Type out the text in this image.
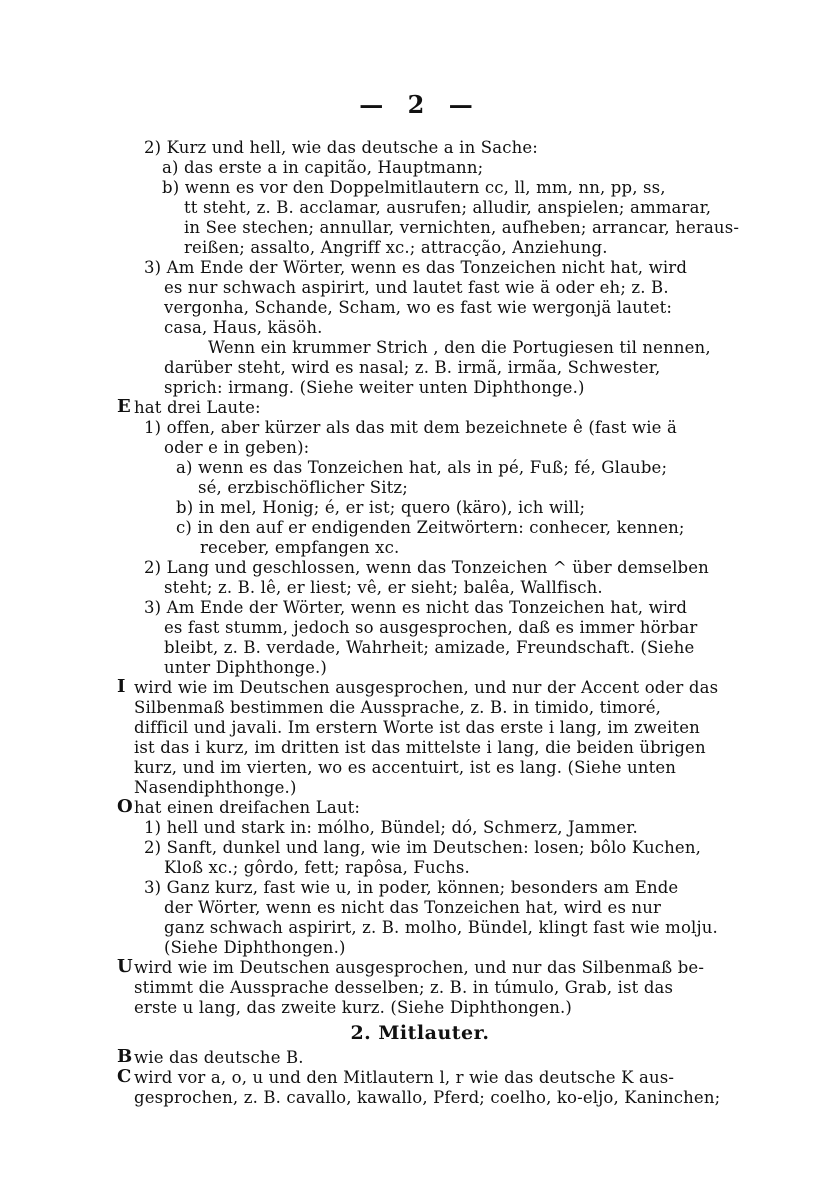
— 2 —
2) Kurz und hell, wie das deutsche a in Sache:
a) das erste a in capitão, Hauptmann;
b) wenn es vor den Doppelmitlautern cc, ll, mm, nn, pp, ss,
tt steht, z. B. acclamar, ausrufen; alludir, anspielen; ammarar,
in See stechen; annullar, vernichten, aufheben; arrancar, heraus-
reißen; assalto, Angriff xc.; attracção, Anziehung.
3) Am Ende der Wörter, wenn es das Tonzeichen nicht hat, wird
es nur schwach aspirirt, und lautet fast wie ä oder eh; z. B.
vergonha, Schande, Scham, wo es fast wie wergonjä lautet:
casa, Haus, käsöh.
Wenn ein krummer Strich , den die Portugiesen til nennen,
darüber steht, wird es nasal; z. B. irmã, irmãa, Schwester,
sprich: irmang. (Siehe weiter unten Diphthonge.)
E hat drei Laute:
1) offen, aber kürzer als das mit dem bezeichnete ê (fast wie ä
oder e in geben):
a) wenn es das Tonzeichen hat, als in pé, Fuß; fé, Glaube;
sé, erzbischöflicher Sitz;
b) in mel, Honig; é, er ist; quero (käro), ich will;
c) in den auf er endigenden Zeitwörtern: conhecer, kennen;
receber, empfangen xc.
2) Lang und geschlossen, wenn das Tonzeichen ^ über demselben
steht; z. B. lê, er liest; vê, er sieht; balêa, Wallfisch.
3) Am Ende der Wörter, wenn es nicht das Tonzeichen hat, wird
es fast stumm, jedoch so ausgesprochen, daß es immer hörbar
bleibt, z. B. verdade, Wahrheit; amizade, Freundschaft. (Siehe
unter Diphthonge.)
I wird wie im Deutschen ausgesprochen, und nur der Accent oder das
Silbenmaß bestimmen die Aussprache, z. B. in timido, timoré,
difficil und javali. Im erstern Worte ist das erste i lang, im zweiten
ist das i kurz, im dritten ist das mittelste i lang, die beiden übrigen
kurz, und im vierten, wo es accentuirt, ist es lang. (Siehe unten
Nasendiphthonge.)
O hat einen dreifachen Laut:
1) hell und stark in: mólho, Bündel; dó, Schmerz, Jammer.
2) Sanft, dunkel und lang, wie im Deutschen: losen; bôlo Kuchen,
Kloß xc.; gôrdo, fett; rapôsa, Fuchs.
3) Ganz kurz, fast wie u, in poder, können; besonders am Ende
der Wörter, wenn es nicht das Tonzeichen hat, wird es nur
ganz schwach aspirirt, z. B. molho, Bündel, klingt fast wie molju.
(Siehe Diphthongen.)
U wird wie im Deutschen ausgesprochen, und nur das Silbenmaß be-
stimmt die Aussprache desselben; z. B. in túmulo, Grab, ist das
erste u lang, das zweite kurz. (Siehe Diphthongen.)
2. Mitlauter.
B wie das deutsche B.
C wird vor a, o, u und den Mitlautern l, r wie das deutsche K aus-
gesprochen, z. B. cavallo, kawallo, Pferd; coelho, ko-eljo, Kaninchen;
